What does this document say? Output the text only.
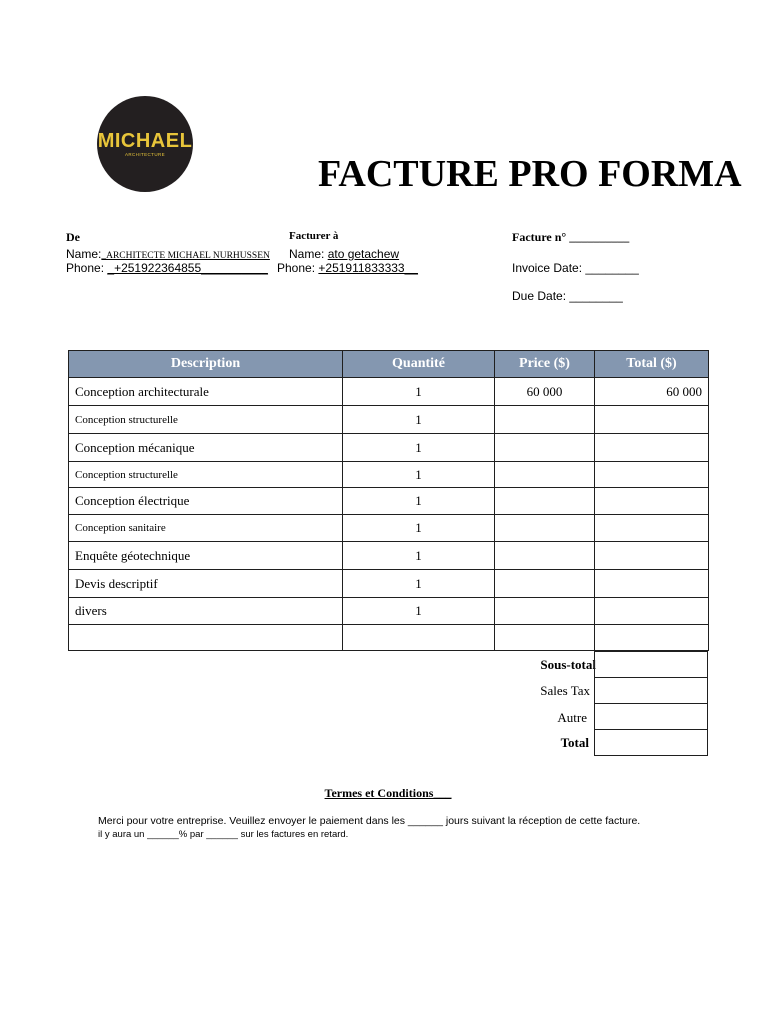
MICHAEL
ARCHITECTURE	FACTURE PRO FORMA
De
Name:_ARCHITECTE MICHAEL NURHUSSEN
Phone: _+251922364855__________
Facturer à
Name: ato getachew
Phone: +251911833333__
Facture n° __________
Invoice Date: ________
Due Date: ________
Description	Quantité	Price ($)	Total ($)
Conception architecturale	1	60 000	60 000
Conception structurelle	1		
Conception mécanique	1		
Conception structurelle	1		
Conception électrique	1		
Conception sanitaire	1		
Enquête géotechnique	1		
Devis descriptif	1		
divers	1		

Sous-total
Sales Tax
Autre
Total
Termes et Conditions___
Merci pour votre entreprise. Veuillez envoyer le paiement dans les ______ jours suivant la réception de cette facture.
il y aura un ______% par ______ sur les factures en retard.
